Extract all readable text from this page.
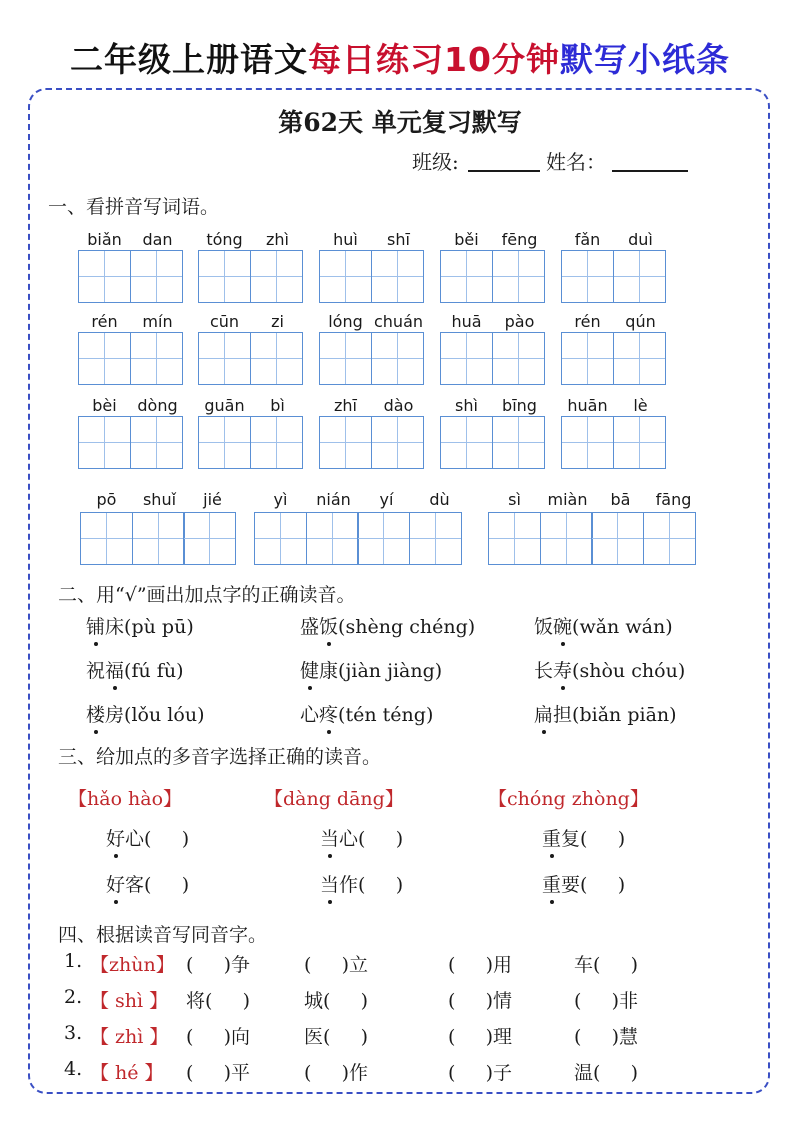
二年级上册语文每日练习10分钟默写小纸条
第62天 单元复习默写
班级:	姓名：
一、看拼音写词语。
biǎn	dan	tóng	zhì	huì	shī	běi	fēng	fǎn	duì
rén	mín	cūn	zi	lóng chuán	huā	pào	rén	qún
bèi	dòng	guān	bì	zhī	dào	shì	bīng	huān	lè
pō	shuǐ	jié	yì	nián	yí	dù	sì	miàn	bā	fāng
二、用“√”画出加点字的正确读音。
铺床(pù pū)	盛饭(shèng chéng)	饭碗(wǎn wán)
祝福(fú fù)	健康(jiàn jiàng)	长寿(shòu chóu)
楼房(lǒu lóu)	心疼(tén téng)	扁担(biǎn piān)
三、给加点的多音字选择正确的读音。
【hǎo hào】	【dàng dāng】	【chóng zhòng】
好心( )	当心( )	重复( )
好客( )	当作( )	重要( )
四、根据读音写同音字。
1. 【zhùn】 (     )争	(     )立	(     )用	车(     )
2. 【 shì 】 将(     )	城(     )	(     )情	(     )非
3. 【 zhì 】 (     )向	医(     )	(     )理	(     )慧
4. 【 hé 】 (     )平	(     )作	(     )子	温(     )
